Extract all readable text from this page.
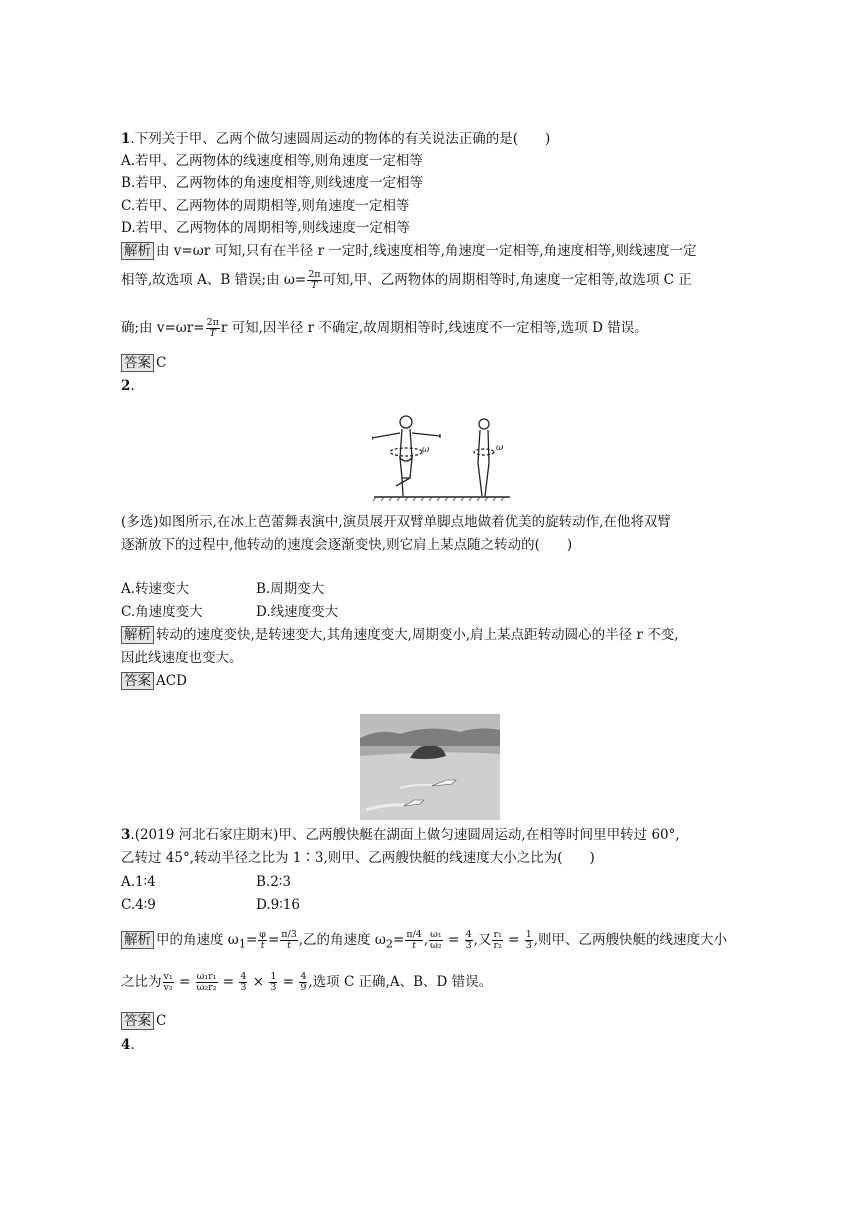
1.下列关于甲、乙两个做匀速圆周运动的物体的有关说法正确的是(　　)
A.若甲、乙两物体的线速度相等,则角速度一定相等
B.若甲、乙两物体的角速度相等,则线速度一定相等
C.若甲、乙两物体的周期相等,则角速度一定相等
D.若甲、乙两物体的周期相等,则线速度一定相等
解析 由 v=ωr 可知,只有在半径 r 一定时,线速度相等,角速度一定相等,角速度相等,则线速度一定
相等,故选项 A、B 错误;由 $\omega= \frac{2\pi}{T}$ 可知,甲、乙两物体的周期相等时,角速度一定相等,故选项 C 正
确;由 $v=\omega r= \frac{2\pi}{T}$ r 可知,因半径 r 不确定,故周期相等时,线速度不一定相等,选项 D 错误。
答案 C
2.
ω	ω
(多选)如图所示,在冰上芭蕾舞表演中,演员展开双臂单脚点地做着优美的旋转动作,在他将双臂
逐渐放下的过程中,他转动的速度会逐渐变快,则它肩上某点随之转动的(　　)
A.转速变大	B.周期变大
C.角速度变大	D.线速度变大
解析 转动的速度变快,是转速变大,其角速度变大,周期变小,肩上某点距转动圆心的半径 r 不变,
因此线速度也变大。
答案 ACD
3.(2019 河北石家庄期末)甲、乙两艘快艇在湖面上做匀速圆周运动,在相等时间里甲转过 60°,
乙转过 45°,转动半径之比为 1∶3,则甲、乙两艘快艇的线速度大小之比为(　　)
A.1∶4	B.2∶3
C.4∶9	D.9∶16
解析 甲的角速度 $\omega_1= \frac{\varphi}{t} = \frac{\pi/3}{t}$ ,乙的角速度 $\omega_2= \frac{\pi/4}{t}$ , $\frac{\text{ω₁}}{\text{ω₂}} = \frac{4}{3}$ ,又 $\frac{\text{r₁}}{\text{r₂}} = \frac{1}{3}$ ,则甲、乙两艘快艇的线速度大小
之比为 $\frac{\text{v₁}}{\text{v₂}} = \frac{\text{ω₁r₁}}{\text{ω₂r₂}} = \frac{4}{3} \times \frac{1}{3} = \frac{4}{9}$ ,选项 C 正确,A、B、D 错误。
答案 C
4.
